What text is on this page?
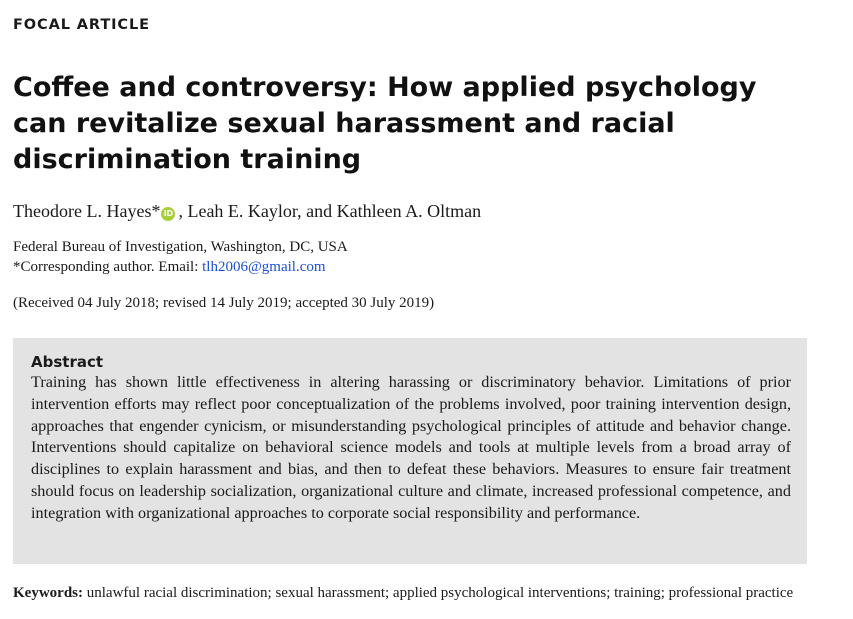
FOCAL ARTICLE
Coffee and controversy: How applied psychology can revitalize sexual harassment and racial discrimination training

Theodore L. Hayes* iD , Leah E. Kaylor, and Kathleen A. Oltman

Federal Bureau of Investigation, Washington, DC, USA
*Corresponding author. Email: tlh2006@gmail.com

(Received 04 July 2018; revised 14 July 2019; accepted 30 July 2019)

Abstract

Training has shown little effectiveness in altering harassing or discriminatory behavior. Limitations of prior intervention efforts may reflect poor conceptualization of the problems involved, poor training intervention design, approaches that engender cynicism, or misunderstanding psychological principles of attitude and behavior change. Interventions should capitalize on behavioral science models and tools at multiple levels from a broad array of disciplines to explain harassment and bias, and then to defeat these behaviors. Measures to ensure fair treatment should focus on leadership socialization, organizational culture and climate, increased professional competence, and integration with organizational approaches to corporate social responsibility and performance.

Keywords: unlawful racial discrimination; sexual harassment; applied psychological interventions; training; professional practice
